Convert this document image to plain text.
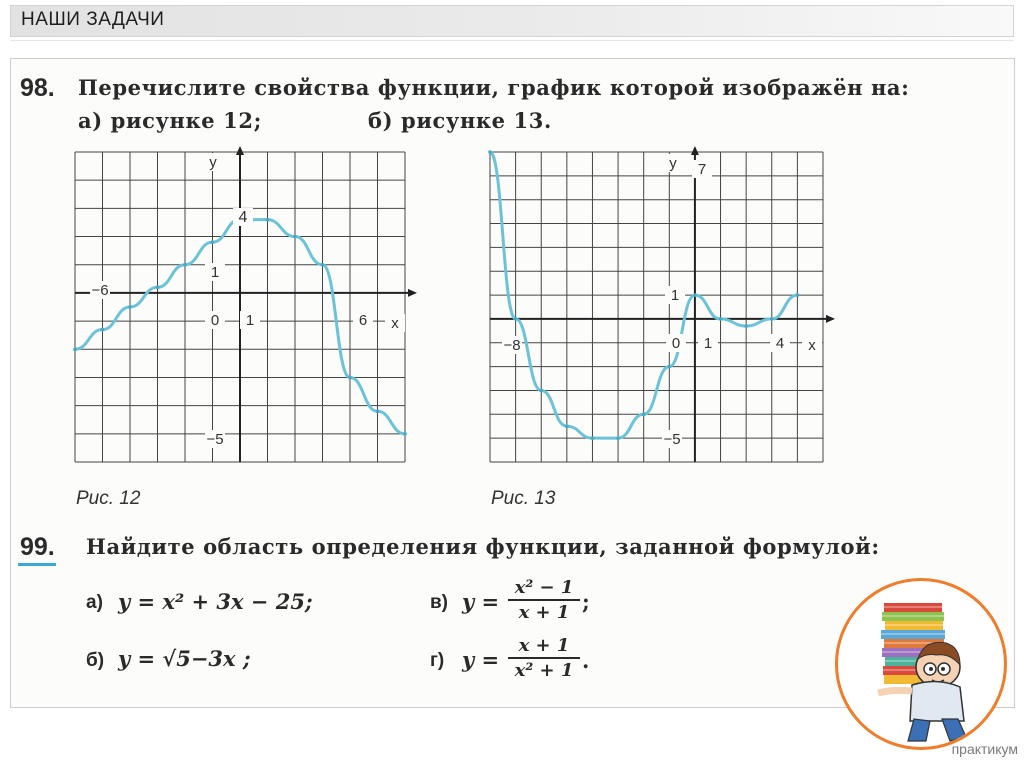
НАШИ ЗАДАЧИ
98. Перечислите свойства функции, график которой изображён на:
а) рисунке 12;	б) рисунке 13.
y
4
1
−6
0 1	6 x
−5
Рис. 12
y 7
1
0 1
−8	4 x
−5
Рис. 13
99. Найдите область определения функции, заданной формулой:
а) y = x² + 3x − 25;
б) y = √5−3x ;
в) y =
x² − 1
x + 1 ;
г) y =
x + 1
x² + 1 .
практикум
